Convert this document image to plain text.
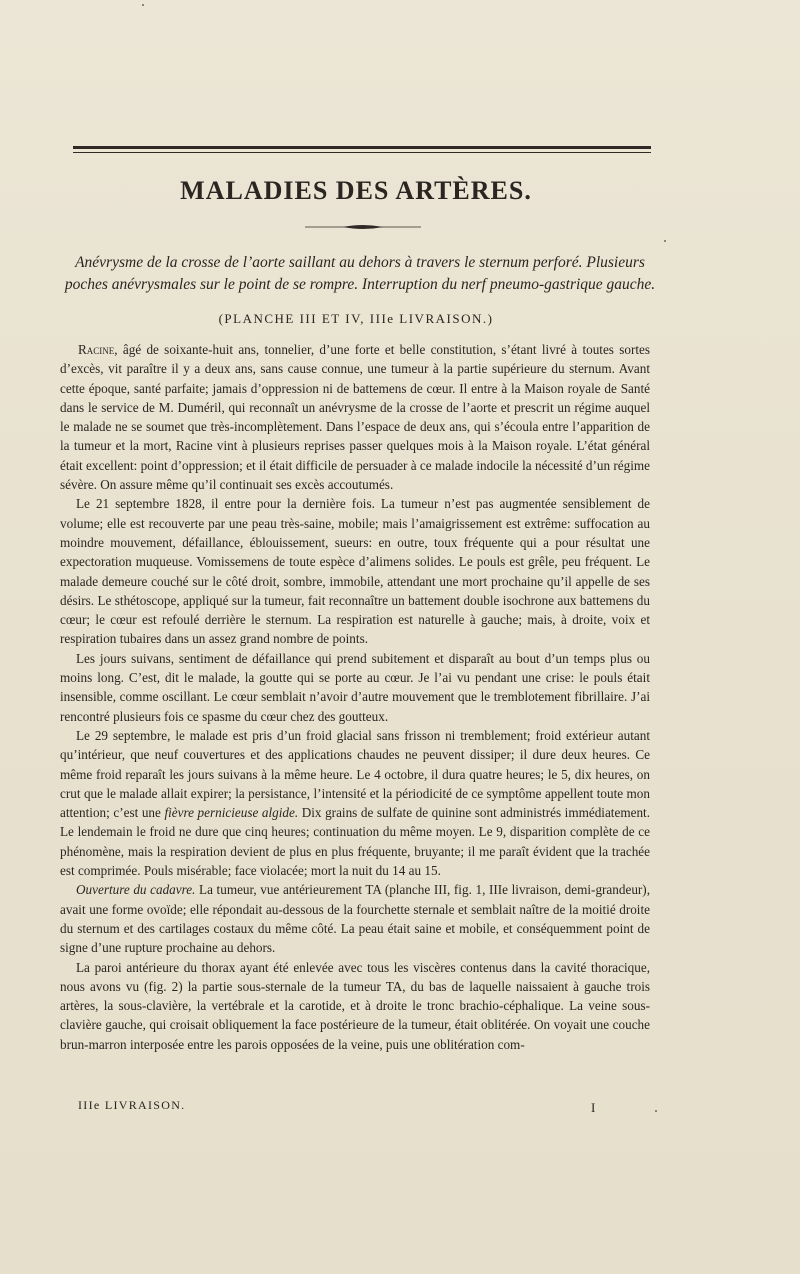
MALADIES DES ARTÈRES.
Anévrysme de la crosse de l’aorte saillant au dehors à travers le sternum perforé. Plusieurs poches anévrysmales sur le point de se rompre. Interruption du nerf pneumo-gastrique gauche.
(PLANCHE III ET IV, IIIe LIVRAISON.)

Racine, âgé de soixante-huit ans, tonnelier, d’une forte et belle constitution, s’étant livré à toutes sortes d’excès, vit paraître il y a deux ans, sans cause connue, une tumeur à la partie supérieure du sternum. Avant cette époque, santé parfaite; jamais d’oppression ni de battemens de cœur. Il entre à la Maison royale de Santé dans le service de M. Duméril, qui reconnaît un anévrysme de la crosse de l’aorte et prescrit un régime auquel le malade ne se soumet que très-incomplètement. Dans l’espace de deux ans, qui s’écoula entre l’apparition de la tumeur et la mort, Racine vint à plusieurs reprises passer quelques mois à la Maison royale. L’état général était excellent: point d’oppression; et il était difficile de persuader à ce malade indocile la nécessité d’un régime sévère. On assure même qu’il continuait ses excès accoutumés.

Le 21 septembre 1828, il entre pour la dernière fois. La tumeur n’est pas augmentée sensiblement de volume; elle est recouverte par une peau très-saine, mobile; mais l’amaigrissement est extrême: suffocation au moindre mouvement, défaillance, éblouissement, sueurs: en outre, toux fréquente qui a pour résultat une expectoration muqueuse. Vomissemens de toute espèce d’alimens solides. Le pouls est grêle, peu fréquent. Le malade demeure couché sur le côté droit, sombre, immobile, attendant une mort prochaine qu’il appelle de ses désirs. Le sthétoscope, appliqué sur la tumeur, fait reconnaître un battement double isochrone aux battemens du cœur; le cœur est refoulé derrière le sternum. La respiration est naturelle à gauche; mais, à droite, voix et respiration tubaires dans un assez grand nombre de points.

Les jours suivans, sentiment de défaillance qui prend subitement et disparaît au bout d’un temps plus ou moins long. C’est, dit le malade, la goutte qui se porte au cœur. Je l’ai vu pendant une crise: le pouls était insensible, comme oscillant. Le cœur semblait n’avoir d’autre mouvement que le tremblotement fibrillaire. J’ai rencontré plusieurs fois ce spasme du cœur chez des goutteux.

Le 29 septembre, le malade est pris d’un froid glacial sans frisson ni tremblement; froid extérieur autant qu’intérieur, que neuf couvertures et des applications chaudes ne peuvent dissiper; il dure deux heures. Ce même froid reparaît les jours suivans à la même heure. Le 4 octobre, il dura quatre heures; le 5, dix heures, on crut que le malade allait expirer; la persistance, l’intensité et la périodicité de ce symptôme appellent toute mon attention; c’est une fièvre pernicieuse algide. Dix grains de sulfate de quinine sont administrés immédiatement. Le lendemain le froid ne dure que cinq heures; continuation du même moyen. Le 9, disparition complète de ce phénomène, mais la respiration devient de plus en plus fréquente, bruyante; il me paraît évident que la trachée est comprimée. Pouls misérable; face violacée; mort la nuit du 14 au 15.

Ouverture du cadavre. La tumeur, vue antérieurement TA (planche III, fig. 1, IIIe livraison, demi-grandeur), avait une forme ovoïde; elle répondait au-dessous de la fourchette sternale et semblait naître de la moitié droite du sternum et des cartilages costaux du même côté. La peau était saine et mobile, et conséquemment point de signe d’une rupture prochaine au dehors.

La paroi antérieure du thorax ayant été enlevée avec tous les viscères contenus dans la cavité thoracique, nous avons vu (fig. 2) la partie sous-sternale de la tumeur TA, du bas de laquelle naissaient à gauche trois artères, la sous-clavière, la vertébrale et la carotide, et à droite le tronc brachio-céphalique. La veine sous-clavière gauche, qui croisait obliquement la face postérieure de la tumeur, était oblitérée. On voyait une couche brun-marron interposée entre les parois opposées de la veine, puis une oblitération com-

IIIe LIVRAISON.	I
